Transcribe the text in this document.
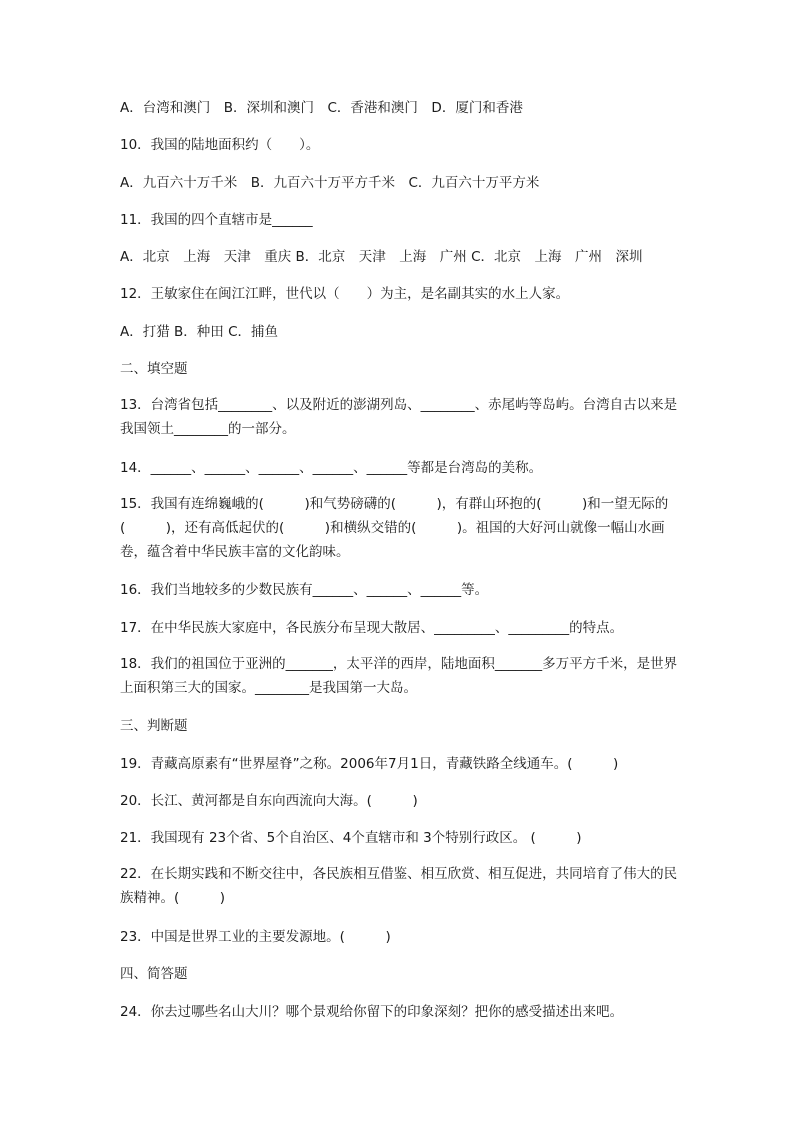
A．台湾和澳门　B．深圳和澳门　C．香港和澳门　D．厦门和香港
10．我国的陆地面积约（　　）。
A．九百六十万千米　B．九百六十万平方千米　C．九百六十万平方米
11．我国的四个直辖市是______
A．北京　上海　天津　重庆 B．北京　天津　上海　广州 C．北京　上海　广州　深圳
12．王敏家住在闽江江畔，世代以（　　）为主，是名副其实的水上人家。
A．打猎 B．种田 C．捕鱼
二、填空题
13．台湾省包括________、以及附近的澎湖列岛、________、赤尾屿等岛屿。台湾自古以来是我国领土________的一部分。
14．______、______、______、______、______等都是台湾岛的美称。
15．我国有连绵巍峨的(　　　)和气势磅礴的(　　　)，有群山环抱的(　　　)和一望无际的(　　　)，还有高低起伏的(　　　)和横纵交错的(　　　)。祖国的大好河山就像一幅山水画卷，蕴含着中华民族丰富的文化韵味。
16．我们当地较多的少数民族有______、______、______等。
17．在中华民族大家庭中，各民族分布呈现大散居、_________、_________的特点。
18．我们的祖国位于亚洲的_______，太平洋的西岸，陆地面积_______多万平方千米，是世界上面积第三大的国家。________是我国第一大岛。
三、判断题
19．青藏高原素有“世界屋脊”之称。2006年7月1日，青藏铁路全线通车。(　　　)
20．长江、黄河都是自东向西流向大海。(　　　)
21．我国现有 23个省、5个自治区、4个直辖市和 3个特别行政区。 (　　　)
22．在长期实践和不断交往中，各民族相互借鉴、相互欣赏、相互促进，共同培育了伟大的民族精神。(　　　)
23．中国是世界工业的主要发源地。(　　　)
四、简答题
24．你去过哪些名山大川？哪个景观给你留下的印象深刻？把你的感受描述出来吧。
